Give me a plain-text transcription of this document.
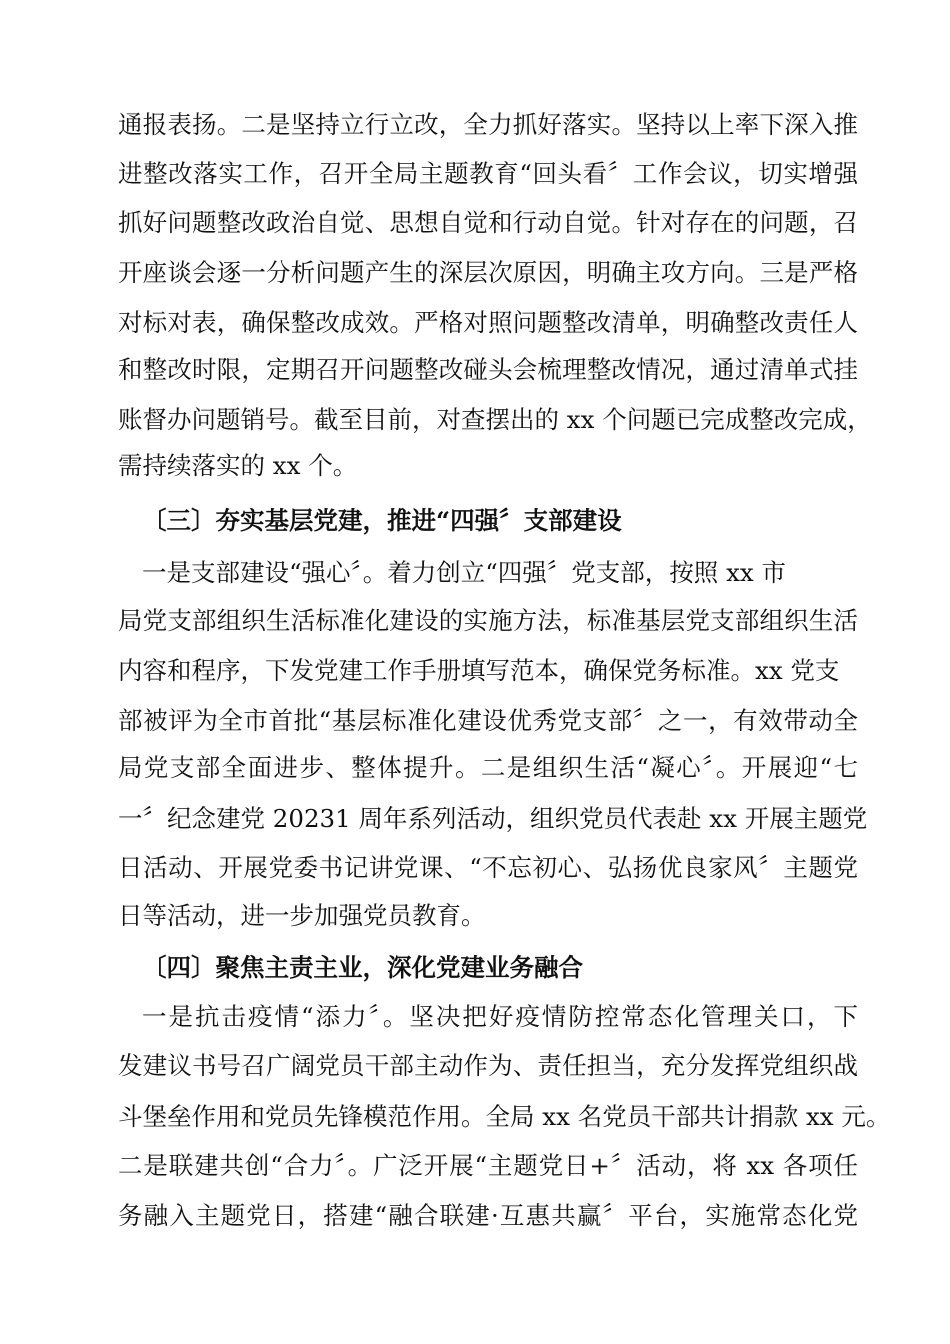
通报表扬。二是坚持立行立改，全力抓好落实。坚持以上率下深入推
进整改落实工作，召开全局主题教育“回头看〞工作会议，切实增强
抓好问题整改政治自觉、思想自觉和行动自觉。针对存在的问题，召
开座谈会逐一分析问题产生的深层次原因，明确主攻方向。三是严格
对标对表，确保整改成效。严格对照问题整改清单，明确整改责任人
和整改时限，定期召开问题整改碰头会梳理整改情况，通过清单式挂
账督办问题销号。截至目前，对查摆出的 xx 个问题已完成整改完成，
需持续落实的 xx 个。
〔三〕夯实基层党建，推进“四强〞支部建设
一是支部建设“强心〞。着力创立“四强〞党支部，按照 xx 市
局党支部组织生活标准化建设的实施方法，标准基层党支部组织生活
内容和程序，下发党建工作手册填写范本，确保党务标准。xx 党支
部被评为全市首批“基层标准化建设优秀党支部〞之一，有效带动全
局党支部全面进步、整体提升。二是组织生活“凝心〞。开展迎“七
一〞纪念建党 20231 周年系列活动，组织党员代表赴 xx 开展主题党
日活动、开展党委书记讲党课、“不忘初心、弘扬优良家风〞主题党
日等活动，进一步加强党员教育。
〔四〕聚焦主责主业，深化党建业务融合
一是抗击疫情“添力〞。坚决把好疫情防控常态化管理关口，下
发建议书号召广阔党员干部主动作为、责任担当，充分发挥党组织战
斗堡垒作用和党员先锋模范作用。全局 xx 名党员干部共计捐款 xx 元。
二是联建共创“合力〞。广泛开展“主题党日+〞活动，将 xx 各项任
务融入主题党日，搭建“融合联建·互惠共赢〞平台，实施常态化党
